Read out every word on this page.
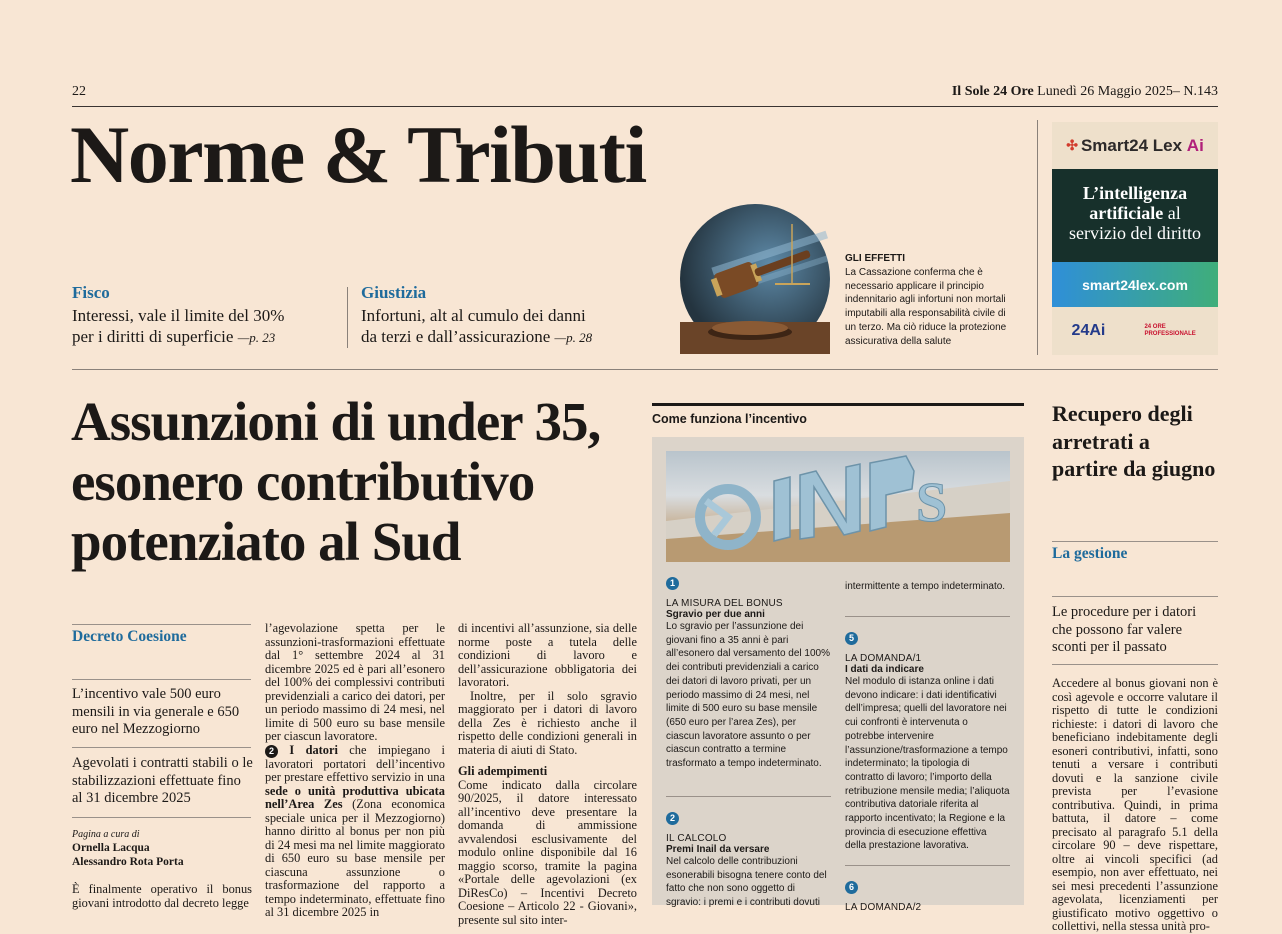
22	Il Sole 24 Ore Lunedì 26 Maggio 2025– N.143
Norme & Tributi
Fisco
Interessi, vale il limite del 30%
per i diritti di superficie —p. 23
Giustizia
Infortuni, alt al cumulo dei danni
da terzi e dall’assicurazione —p. 28
GLI EFFETTI
La Cassazione conferma che è necessario applicare il principio indennitario agli infortuni non mortali imputabili alla responsabilità civile di un terzo. Ma ciò riduce la protezione assicurativa della salute
✣ Smart24 Lex
Ai
L’intelligenza
artificiale al
servizio del diritto
smart24lex.com
24Ai	24 ORE PROFESSIONALE
Assunzioni di under 35, esonero contributivo potenziato al Sud
Decreto Coesione
L’incentivo vale 500 euro mensili in via generale e 650 euro nel Mezzogiorno
Agevolati i contratti stabili o le stabilizzazioni effettuate fino al 31 dicembre 2025
Pagina a cura di
Ornella Lacqua
Alessandro Rota Porta
È finalmente operativo il bonus giovani introdotto dal decreto legge
l’agevolazione spetta per le assunzioni-trasformazioni effettuate dal 1° settembre 2024 al 31 dicembre 2025 ed è pari all’esonero del 100% dei complessivi contributi previdenziali a carico dei datori, per un periodo massimo di 24 mesi, nel limite di 500 euro su base mensile per ciascun lavoratore.
2 I datori che impiegano i lavoratori portatori dell’incentivo per prestare effettivo servizio in una sede o unità produttiva ubicata nell’Area Zes (Zona economica speciale unica per il Mezzogiorno) hanno diritto al bonus per non più di 24 mesi ma nel limite maggiorato di 650 euro su base mensile per ciascuna assunzione o trasformazione del rapporto a tempo indeterminato, effettuate fino al 31 dicembre 2025 in
di incentivi all’assunzione, sia delle norme poste a tutela delle condizioni di lavoro e dell’assicurazione obbligatoria dei lavoratori.
Inoltre, per il solo sgravio maggiorato per i datori di lavoro della Zes è richiesto anche il rispetto delle condizioni generali in materia di aiuti di Stato.
Gli adempimenti
Come indicato dalla circolare 90/2025, il datore interessato all’incentivo deve presentare la domanda di ammissione avvalendosi esclusivamente del modulo online disponibile dal 16 maggio scorso, tramite la pagina «Portale delle agevolazioni (ex DiResCo) – Incentivi Decreto Coesione – Articolo 22 - Giovani», presente sul sito inter-
Come funziona l’incentivo
S
1
LA MISURA DEL BONUS
Sgravio per due anni
Lo sgravio per l’assunzione dei giovani fino a 35 anni è pari all’esonero dal versamento del 100% dei contributi previdenziali a carico dei datori di lavoro privati, per un periodo massimo di 24 mesi, nel limite di 500 euro su base mensile (650 euro per l’area Zes), per ciascun lavoratore assunto o per ciascun contratto a termine trasformato a tempo indeterminato.
2
IL CALCOLO
Premi Inail da versare
Nel calcolo delle contribuzioni esonerabili bisogna tenere conto del fatto che non sono oggetto di sgravio: i premi e i contributi dovuti
intermittente a tempo indeterminato.
5
LA DOMANDA/1
I dati da indicare
Nel modulo di istanza online i dati devono indicare: i dati identificativi dell’impresa; quelli del lavoratore nei cui confronti è intervenuta o potrebbe intervenire l’assunzione/trasformazione a tempo indeterminato; la tipologia di contratto di lavoro; l’importo della retribuzione mensile media; l’aliquota contributiva datoriale riferita al rapporto incentivato; la Regione e la provincia di esecuzione effettiva della prestazione lavorativa.
6
LA DOMANDA/2
Recupero degli arretrati a partire da giugno
La gestione
Le procedure per i datori che possono far valere sconti per il passato
Accedere al bonus giovani non è così agevole e occorre valutare il rispetto di tutte le condizioni richieste: i datori di lavoro che beneficiano indebitamente degli esoneri contributivi, infatti, sono tenuti a versare i contributi dovuti e la sanzione civile prevista per l’evasione contributiva. Quindi, in prima battuta, il datore – come precisato al paragrafo 5.1 della circolare 90 – deve rispettare, oltre ai vincoli specifici (ad esempio, non aver effettuato, nei sei mesi precedenti l’assunzione agevolata, licenziamenti per giustificato motivo oggettivo o collettivi, nella stessa unità pro-
